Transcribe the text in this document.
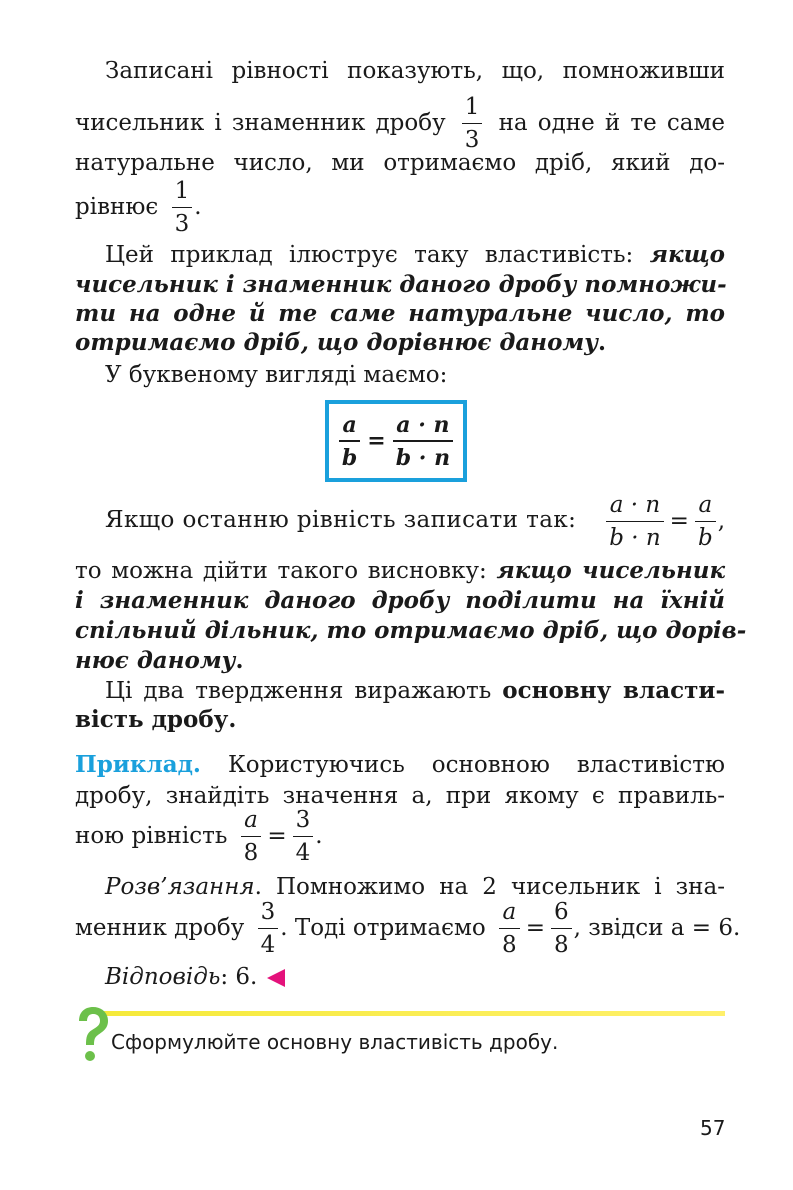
Записані рівності показують, що, помноживши
чисельник і знаменник дробу $\frac{1}{3}$ на одне й те саме
натуральне число, ми отримаємо дріб, який до-
рівнює $\frac{1}{3}$ .
Цей приклад ілюструє таку властивість: якщо
чисельник і знаменник даного дробу помножи-
ти на одне й те саме натуральне число, то
отримаємо дріб, що дорівнює даному.
У буквеному вигляді маємо:
$\frac{a}{b} = \frac{a \cdot n}{b \cdot n}$
Якщо останню рівність записати так: $\frac{a \cdot n}{b \cdot n} = \frac{a}{b}$ ,
то можна дійти такого висновку: якщо чисельник
і знаменник даного дробу поділити на їхній
спільний дільник, то отримаємо дріб, що дорів-
нює даному.
Ці два твердження виражають основну власти-
вість дробу.
Приклад. Користуючись основною властивістю
дробу, знайдіть значення a, при якому є правиль-
ною рівність $\frac{a}{8} = \frac{3}{4}$ .
Розв’язання. Помножимо на 2 чисельник і зна-
менник дробу $\frac{3}{4}$ . Тоді отримаємо $\frac{a}{8} = \frac{6}{8}$ , звідси a = 6.
Відповідь: 6.
Сформулюйте основну властивість дробу.
57
